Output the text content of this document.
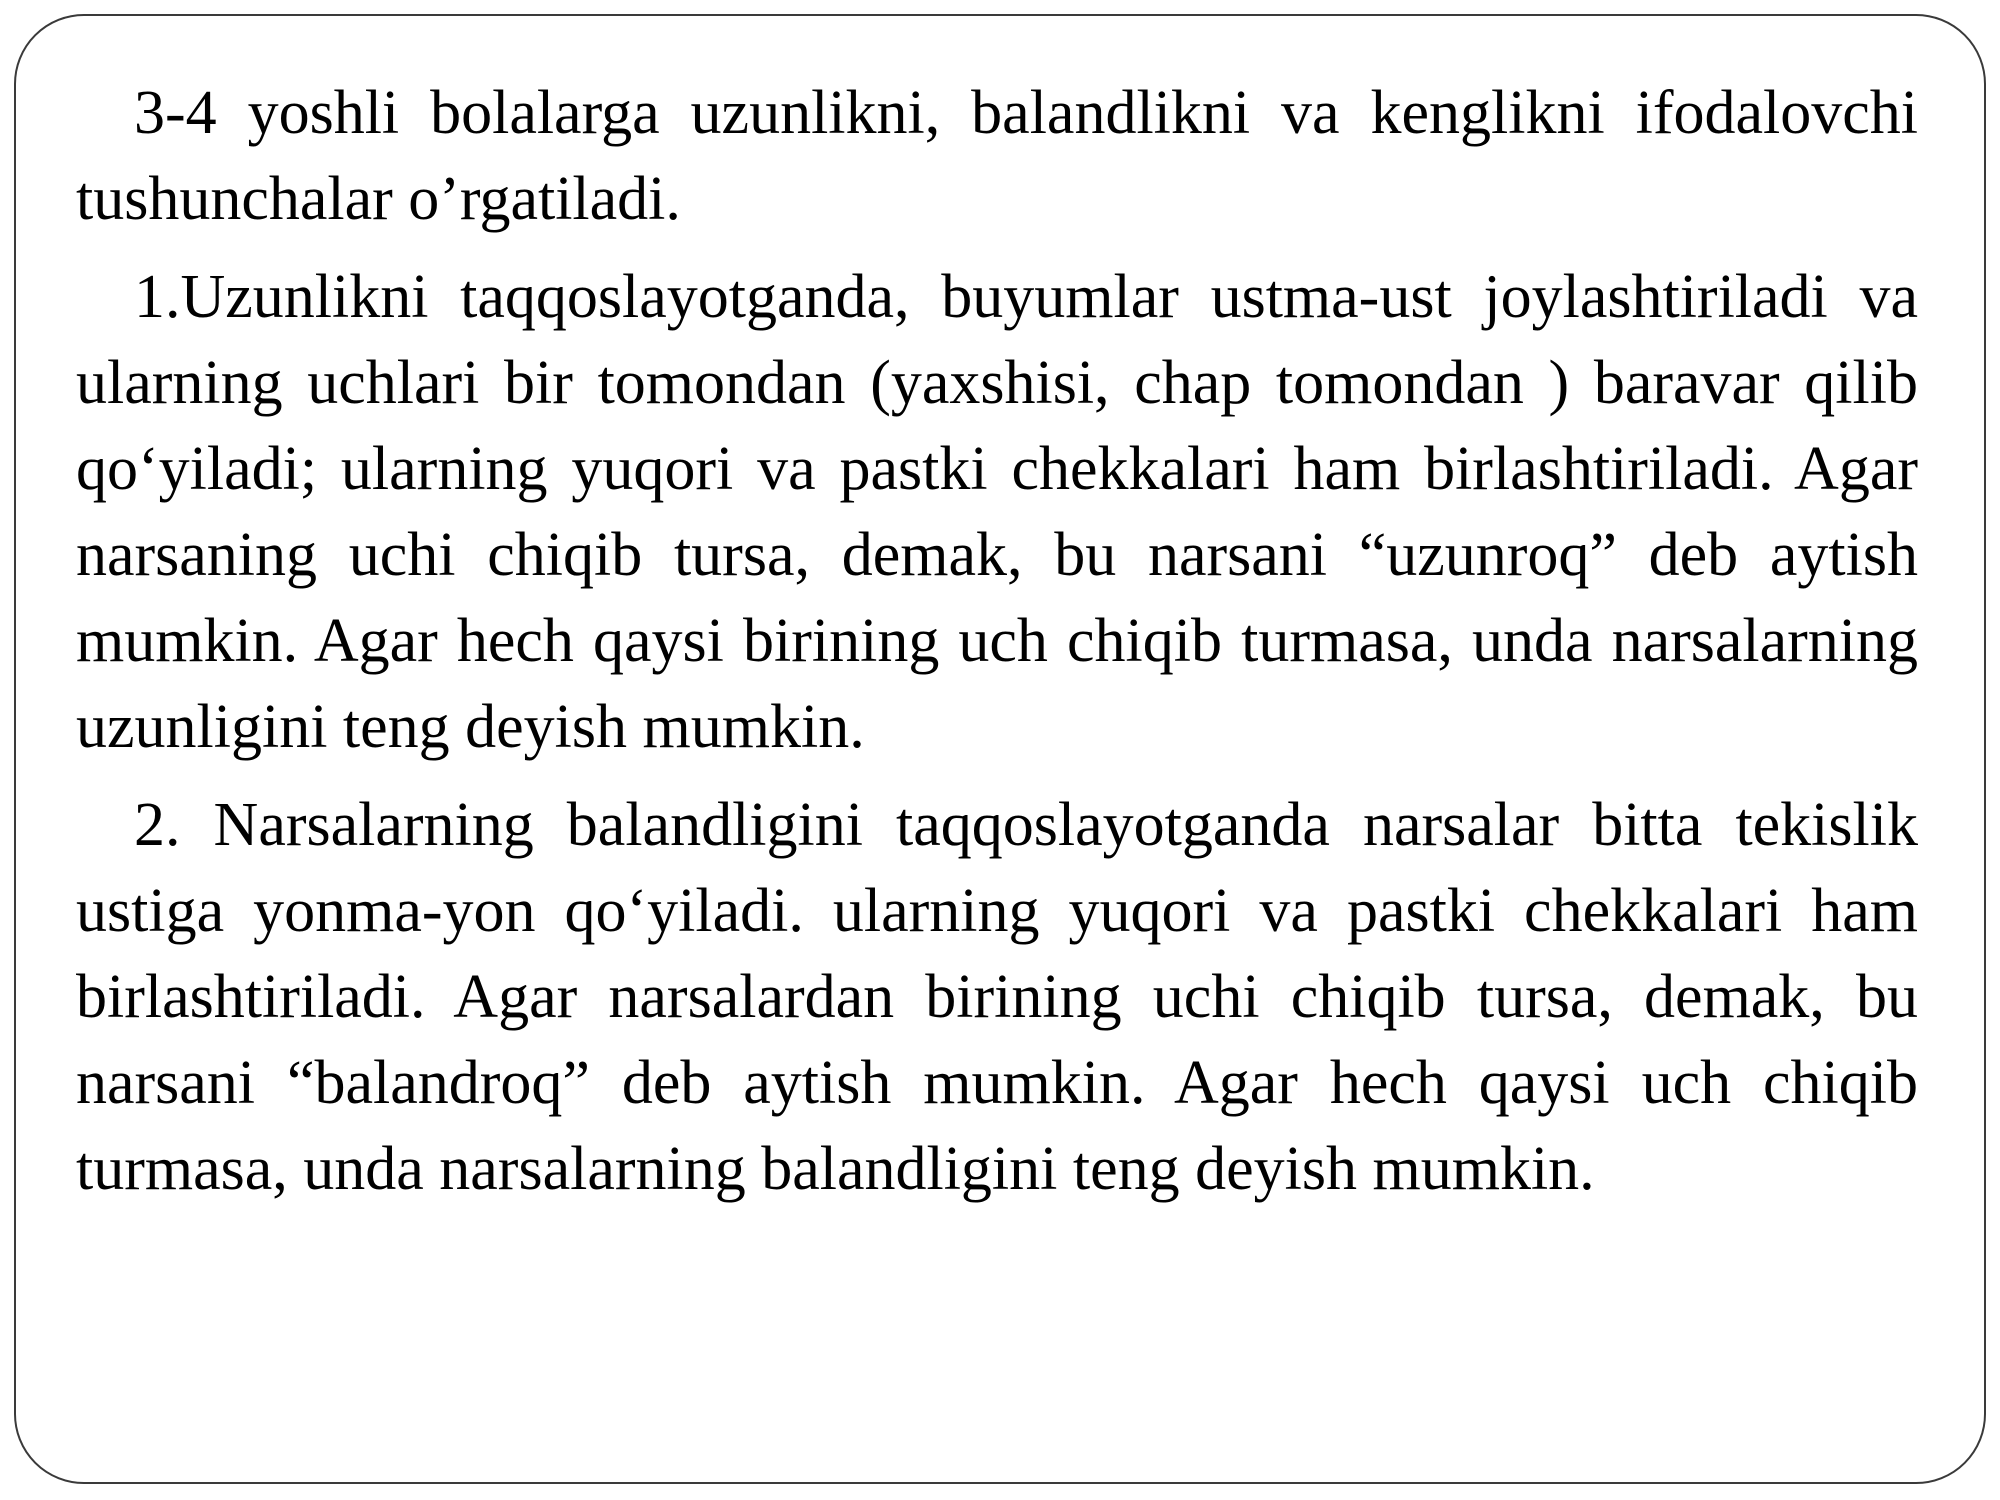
3-4 yoshli bolalarga uzunlikni, balandlikni va kenglikni ifodalovchi tushunchalar o’rgatiladi.

1.Uzunlikni taqqoslayotganda, buyumlar ustma-ust joylashtiriladi va ularning uchlari bir tomondan (yaxshisi, chap tomondan ) baravar qilib qo‘yiladi; ularning yuqori va pastki chekkalari ham birlashtiriladi. Agar narsaning uchi chiqib tursa, demak, bu narsani “uzunroq” deb aytish mumkin. Agar hech qaysi birining uch chiqib turmasa, unda narsalarning uzunligini teng deyish mumkin.

2. Narsalarning balandligini taqqoslayotganda narsalar bitta tekislik ustiga yonma-yon qo‘yiladi. ularning yuqori va pastki chekkalari ham birlashtiriladi. Agar narsalardan birining uchi chiqib tursa, demak, bu narsani “balandroq” deb aytish mumkin. Agar hech qaysi uch chiqib turmasa, unda narsalarning balandligini teng deyish mumkin.
